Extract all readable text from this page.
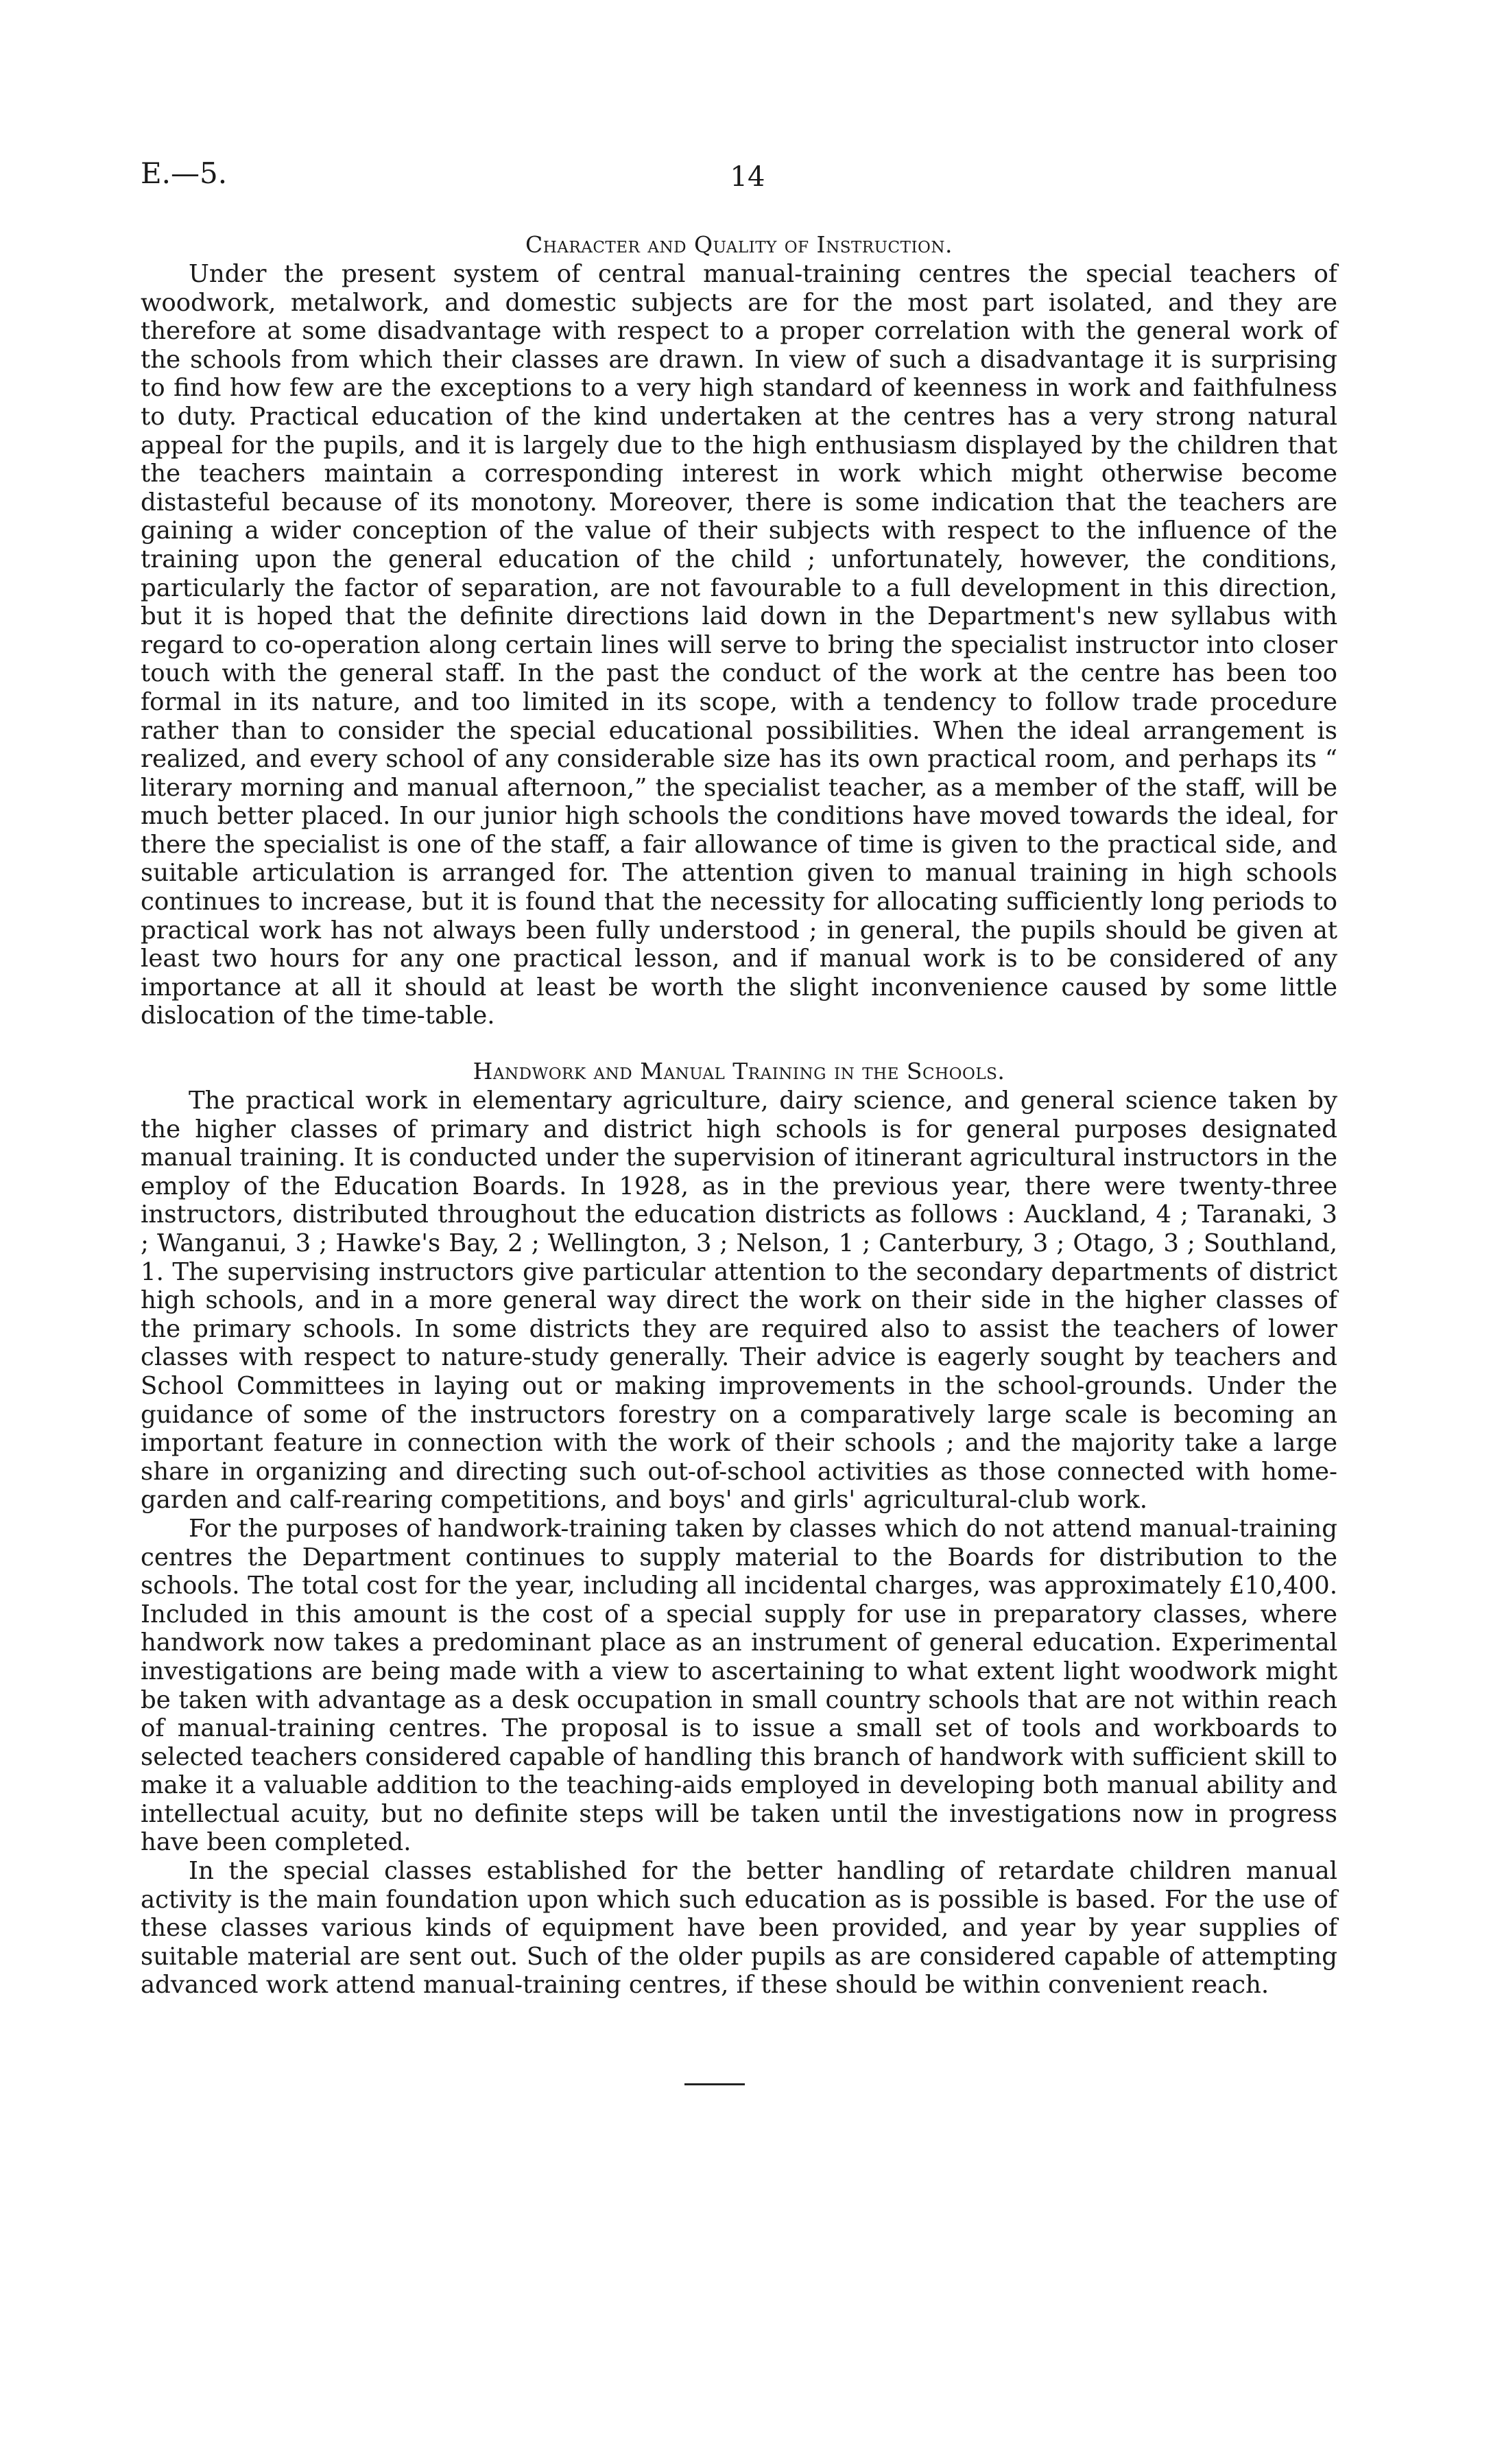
E.—5.	14
Character and Quality of Instruction.

Under the present system of central manual-training centres the special teachers of woodwork, metalwork, and domestic subjects are for the most part isolated, and they are therefore at some disadvantage with respect to a proper correlation with the general work of the schools from which their classes are drawn. In view of such a disadvantage it is surprising to find how few are the exceptions to a very high standard of keenness in work and faithfulness to duty. Practical education of the kind undertaken at the centres has a very strong natural appeal for the pupils, and it is largely due to the high enthusiasm displayed by the children that the teachers maintain a corresponding interest in work which might otherwise become distasteful because of its monotony. Moreover, there is some indication that the teachers are gaining a wider conception of the value of their subjects with respect to the influence of the training upon the general education of the child ; unfortunately, however, the conditions, particularly the factor of separation, are not favourable to a full development in this direction, but it is hoped that the definite directions laid down in the Department's new syllabus with regard to co-operation along certain lines will serve to bring the specialist instructor into closer touch with the general staff. In the past the conduct of the work at the centre has been too formal in its nature, and too limited in its scope, with a tendency to follow trade procedure rather than to consider the special educational possibilities. When the ideal arrangement is realized, and every school of any considerable size has its own practical room, and perhaps its “ literary morning and manual afternoon,” the specialist teacher, as a member of the staff, will be much better placed. In our junior high schools the conditions have moved towards the ideal, for there the specialist is one of the staff, a fair allowance of time is given to the practical side, and suitable articulation is arranged for. The attention given to manual training in high schools continues to increase, but it is found that the necessity for allocating sufficiently long periods to practical work has not always been fully understood ; in general, the pupils should be given at least two hours for any one practical lesson, and if manual work is to be considered of any importance at all it should at least be worth the slight inconvenience caused by some little dislocation of the time-table.

Handwork and Manual Training in the Schools.

The practical work in elementary agriculture, dairy science, and general science taken by the higher classes of primary and district high schools is for general purposes designated manual training. It is conducted under the supervision of itinerant agricultural instructors in the employ of the Education Boards. In 1928, as in the previous year, there were twenty-three instructors, distributed throughout the education districts as follows : Auckland, 4 ; Taranaki, 3 ; Wanganui, 3 ; Hawke's Bay, 2 ; Wellington, 3 ; Nelson, 1 ; Canterbury, 3 ; Otago, 3 ; Southland, 1. The supervising instructors give particular attention to the secondary departments of district high schools, and in a more general way direct the work on their side in the higher classes of the primary schools. In some districts they are required also to assist the teachers of lower classes with respect to nature-study generally. Their advice is eagerly sought by teachers and School Committees in laying out or making improvements in the school-grounds. Under the guidance of some of the instructors forestry on a comparatively large scale is becoming an important feature in connection with the work of their schools ; and the majority take a large share in organizing and directing such out-of-school activities as those connected with home-garden and calf-rearing competitions, and boys' and girls' agricultural-club work.

For the purposes of handwork-training taken by classes which do not attend manual-training centres the Department continues to supply material to the Boards for distribution to the schools. The total cost for the year, including all incidental charges, was approximately £10,400. Included in this amount is the cost of a special supply for use in preparatory classes, where handwork now takes a predominant place as an instrument of general education. Experimental investigations are being made with a view to ascertaining to what extent light woodwork might be taken with advantage as a desk occupation in small country schools that are not within reach of manual-training centres. The proposal is to issue a small set of tools and workboards to selected teachers considered capable of handling this branch of handwork with sufficient skill to make it a valuable addition to the teaching-aids employed in developing both manual ability and intellectual acuity, but no definite steps will be taken until the investigations now in progress have been completed.

In the special classes established for the better handling of retardate children manual activity is the main foundation upon which such education as is possible is based. For the use of these classes various kinds of equipment have been provided, and year by year supplies of suitable material are sent out. Such of the older pupils as are considered capable of attempting advanced work attend manual-training centres, if these should be within convenient reach.
